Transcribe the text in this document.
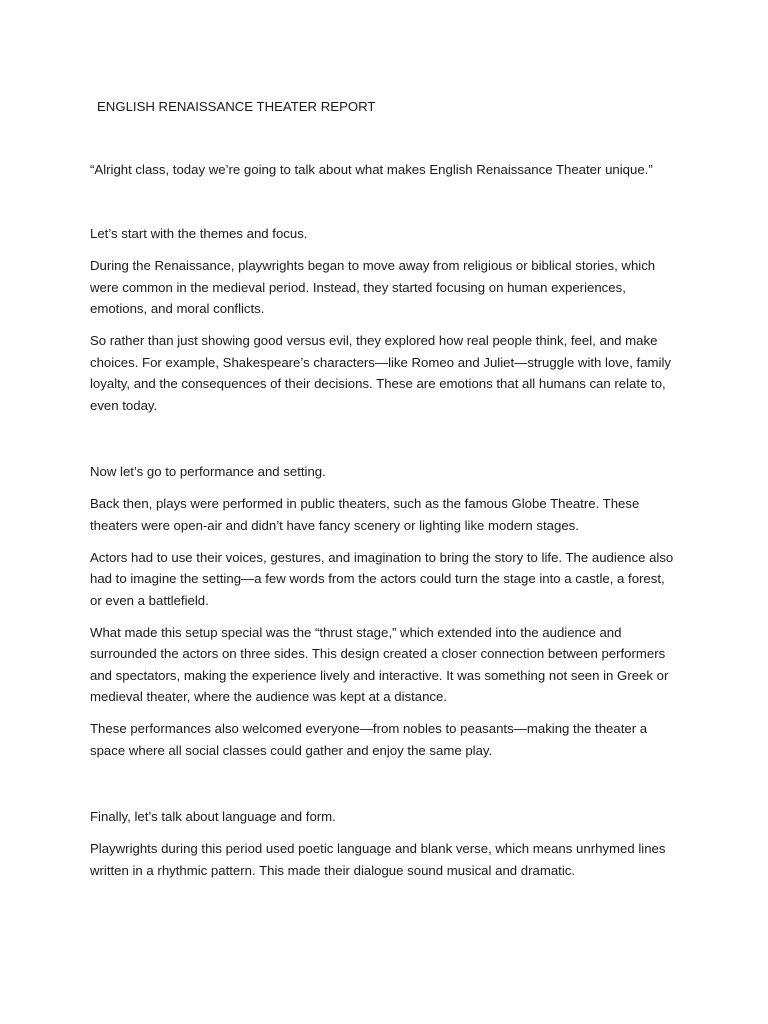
ENGLISH RENAISSANCE THEATER REPORT

“Alright class, today we’re going to talk about what makes English Renaissance Theater unique.”

Let’s start with the themes and focus.

During the Renaissance, playwrights began to move away from religious or biblical stories, which were common in the medieval period. Instead, they started focusing on human experiences, emotions, and moral conflicts.

So rather than just showing good versus evil, they explored how real people think, feel, and make choices. For example, Shakespeare’s characters—like Romeo and Juliet—struggle with love, family loyalty, and the consequences of their decisions. These are emotions that all humans can relate to, even today.

Now let’s go to performance and setting.

Back then, plays were performed in public theaters, such as the famous Globe Theatre. These theaters were open-air and didn’t have fancy scenery or lighting like modern stages.

Actors had to use their voices, gestures, and imagination to bring the story to life. The audience also had to imagine the setting—a few words from the actors could turn the stage into a castle, a forest, or even a battlefield.

What made this setup special was the “thrust stage,” which extended into the audience and surrounded the actors on three sides. This design created a closer connection between performers and spectators, making the experience lively and interactive. It was something not seen in Greek or medieval theater, where the audience was kept at a distance.

These performances also welcomed everyone—from nobles to peasants—making the theater a space where all social classes could gather and enjoy the same play.

Finally, let’s talk about language and form.

Playwrights during this period used poetic language and blank verse, which means unrhymed lines written in a rhythmic pattern. This made their dialogue sound musical and dramatic.
